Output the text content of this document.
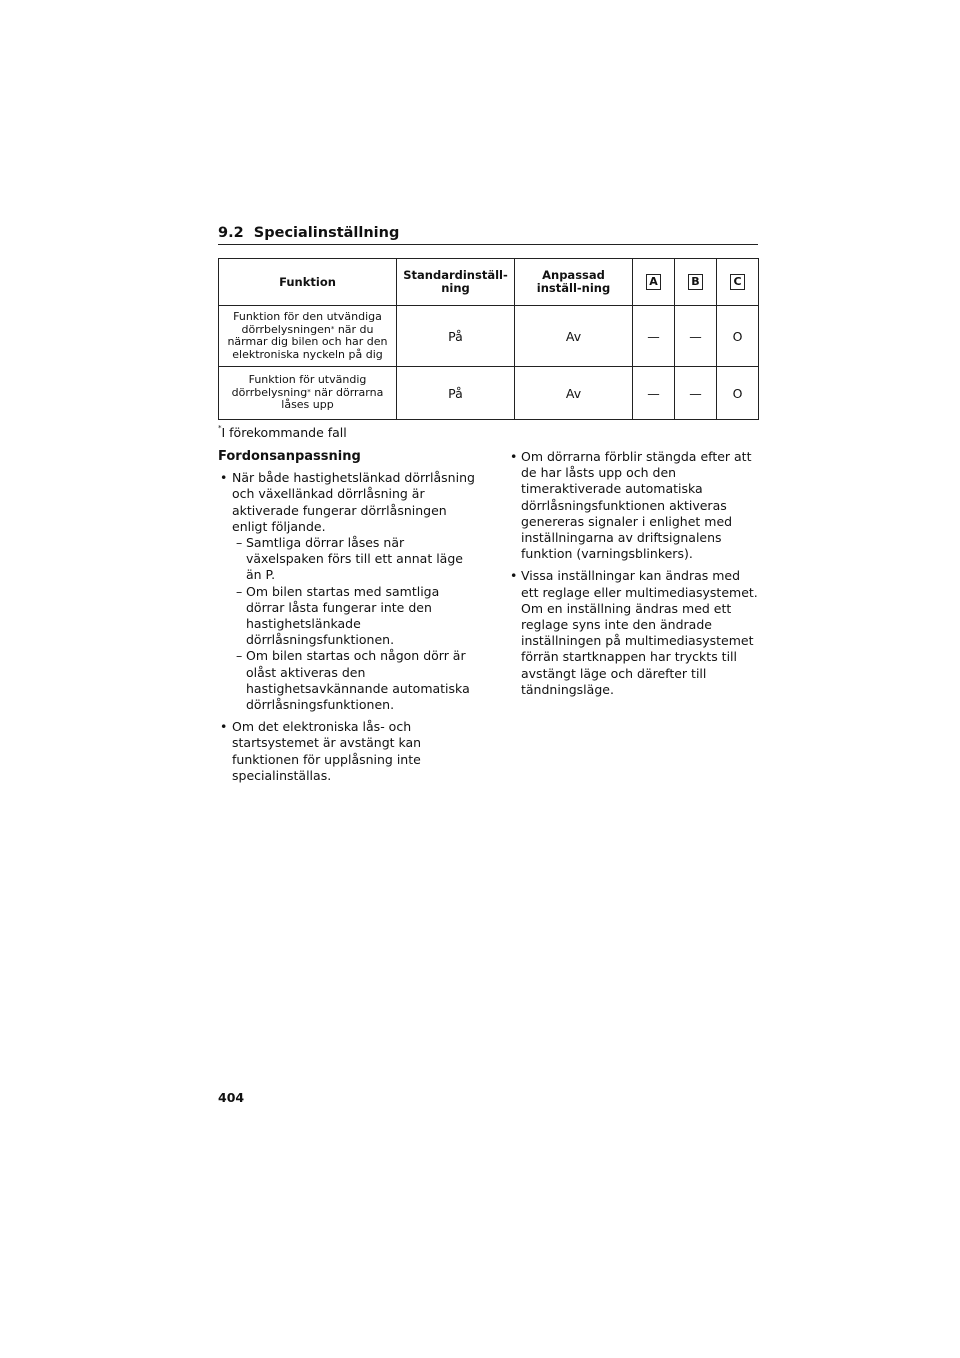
9.2 Specialinställning
Funktion	Standardinställ-ning	Anpassad inställ-ning	A	B	C
Funktion för den utvändiga dörrbelysningen* när du närmar dig bilen och har den elektroniska nyckeln på dig	På	Av	—	—	O
Funktion för utvändig dörrbelysning* när dörrarna låses upp	På	Av	—	—	O
*I förekommande fall
Fordonsanpassning
• När både hastighetslänkad dörrlåsning och växellänkad dörrlåsning är aktiverade fungerar dörrlåsningen enligt följande.
– Samtliga dörrar låses när växelspaken förs till ett annat läge än P.
– Om bilen startas med samtliga dörrar låsta fungerar inte den hastighetslänkade dörrlåsningsfunktionen.
– Om bilen startas och någon dörr är olåst aktiveras den hastighetsavkännande automatiska dörrlåsningsfunktionen.
• Om det elektroniska lås- och startsystemet är avstängt kan funktionen för upplåsning inte specialinställas.
• Om dörrarna förblir stängda efter att de har låsts upp och den timeraktiverade automatiska dörrlåsningsfunktionen aktiveras genereras signaler i enlighet med inställningarna av driftsignalens funktion (varningsblinkers).
• Vissa inställningar kan ändras med ett reglage eller multimediasystemet. Om en inställning ändras med ett reglage syns inte den ändrade inställningen på multimediasystemet förrän startknappen har tryckts till avstängt läge och därefter till tändningsläge.
404
